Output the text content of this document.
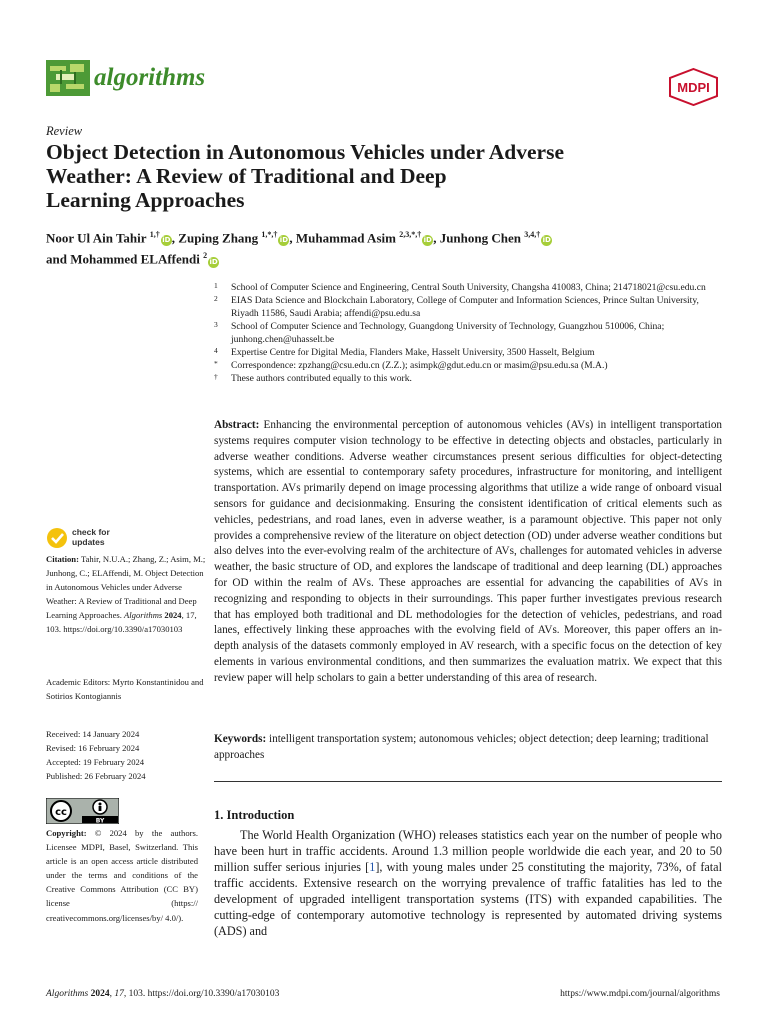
algorithms	MDPI
Review
Object Detection in Autonomous Vehicles under Adverse
Weather: A Review of Traditional and Deep
Learning Approaches
Noor Ul Ain Tahir $^{1,\dagger}$iD, Zuping Zhang $^{1,*,\dagger}$iD, Muhammad Asim $^{2,3,*,\dagger}$iD, Junhong Chen $^{3,4,\dagger}$iD
and Mohammed ELAffendi $^2$iD
1	School of Computer Science and Engineering, Central South University, Changsha 410083, China; 214718021@csu.edu.cn
2	EIAS Data Science and Blockchain Laboratory, College of Computer and Information Sciences, Prince Sultan University, Riyadh 11586, Saudi Arabia; affendi@psu.edu.sa
3	School of Computer Science and Technology, Guangdong University of Technology, Guangzhou 510006, China; junhong.chen@uhasselt.be
4	Expertise Centre for Digital Media, Flanders Make, Hasselt University, 3500 Hasselt, Belgium
*	Correspondence: zpzhang@csu.edu.cn (Z.Z.); asimpk@gdut.edu.cn or masim@psu.edu.sa (M.A.)
†	These authors contributed equally to this work.
Abstract: Enhancing the environmental perception of autonomous vehicles (AVs) in intelligent transportation systems requires computer vision technology to be effective in detecting objects and obstacles, particularly in adverse weather conditions. Adverse weather circumstances present serious difficulties for object-detecting systems, which are essential to contemporary safety procedures, infrastructure for monitoring, and intelligent transportation. AVs primarily depend on image processing algorithms that utilize a wide range of onboard visual sensors for guidance and decisionmaking. Ensuring the consistent identification of critical elements such as vehicles, pedestrians, and road lanes, even in adverse weather, is a paramount objective. This paper not only provides a comprehensive review of the literature on object detection (OD) under adverse weather conditions but also delves into the ever-evolving realm of the architecture of AVs, challenges for automated vehicles in adverse weather, the basic structure of OD, and explores the landscape of traditional and deep learning (DL) approaches for OD within the realm of AVs. These approaches are essential for advancing the capabilities of AVs in recognizing and responding to objects in their surroundings. This paper further investigates previous research that has employed both traditional and DL methodologies for the detection of vehicles, pedestrians, and road lanes, effectively linking these approaches with the evolving field of AVs. Moreover, this paper offers an in-depth analysis of the datasets commonly employed in AV research, with a specific focus on the detection of key elements in various environmental conditions, and then summarizes the evaluation matrix. We expect that this review paper will help scholars to gain a better understanding of this area of research.
Keywords: intelligent transportation system; autonomous vehicles; object detection; deep learning; traditional approaches
1. Introduction
The World Health Organization (WHO) releases statistics each year on the number of people who have been hurt in traffic accidents. Around 1.3 million people worldwide die each year, and 20 to 50 million suffer serious injuries [1], with young males under 25 constituting the majority, 73%, of fatal traffic accidents. Extensive research on the worrying prevalence of traffic fatalities has led to the development of upgraded intelligent transportation systems (ITS) with expanded capabilities. The cutting-edge of contemporary automotive technology is represented by automated driving systems (ADS) and
check for
updates
Citation: Tahir, N.U.A.; Zhang, Z.; Asim, M.; Junhong, C.; ELAffendi, M. Object Detection in Autonomous Vehicles under Adverse Weather: A Review of Traditional and Deep Learning Approaches. Algorithms 2024, 17, 103. https://doi.org/10.3390/a17030103
Academic Editors: Myrto Konstantinidou and Sotirios Kontogiannis
Received: 14 January 2024
Revised: 16 February 2024
Accepted: 19 February 2024
Published: 26 February 2024
cc
BY
Copyright: © 2024 by the authors. Licensee MDPI, Basel, Switzerland. This article is an open access article distributed under the terms and conditions of the Creative Commons Attribution (CC BY) license (https:// creativecommons.org/licenses/by/ 4.0/).
Algorithms 2024, 17, 103. https://doi.org/10.3390/a17030103	https://www.mdpi.com/journal/algorithms
